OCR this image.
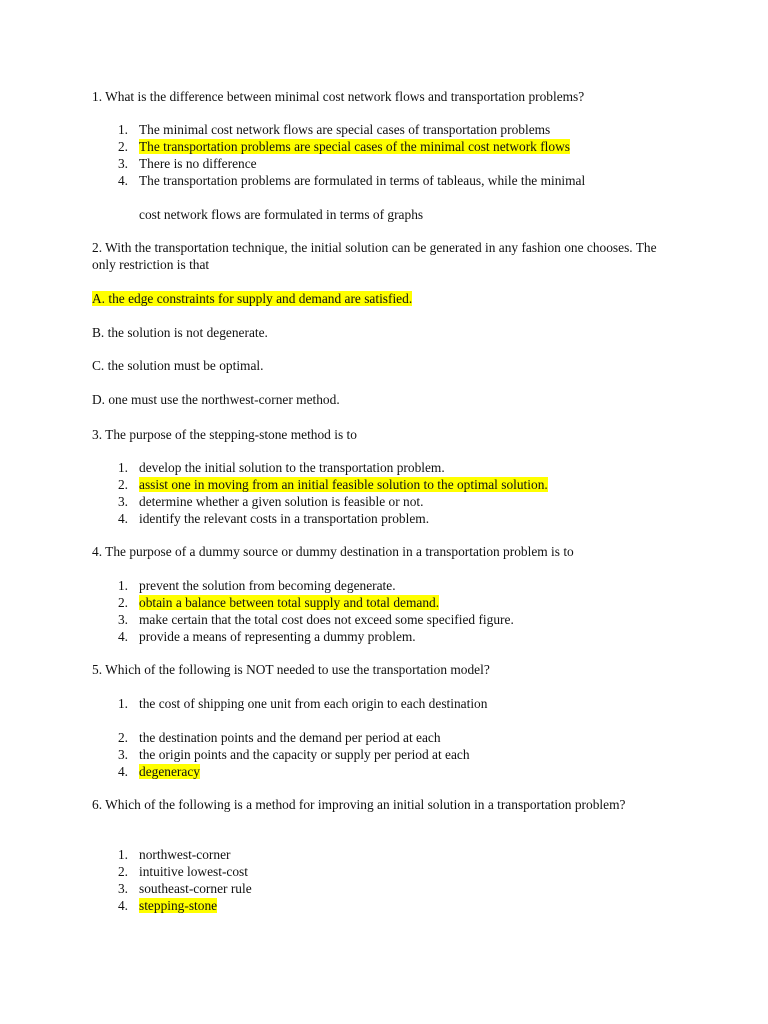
1. What is the difference between minimal cost network flows and transportation problems?
1. The minimal cost network flows are special cases of transportation problems
2. The transportation problems are special cases of the minimal cost network flows
3. There is no difference
4. The transportation problems are formulated in terms of tableaus, while the minimal
cost network flows are formulated in terms of graphs
2. With the transportation technique, the initial solution can be generated in any fashion one chooses. The only restriction is that
A. the edge constraints for supply and demand are satisfied.
B. the solution is not degenerate.
C. the solution must be optimal.
D. one must use the northwest-corner method.
3. The purpose of the stepping-stone method is to
1. develop the initial solution to the transportation problem.
2. assist one in moving from an initial feasible solution to the optimal solution.
3. determine whether a given solution is feasible or not.
4. identify the relevant costs in a transportation problem.
4. The purpose of a dummy source or dummy destination in a transportation problem is to
1. prevent the solution from becoming degenerate.
2. obtain a balance between total supply and total demand.
3. make certain that the total cost does not exceed some specified figure.
4. provide a means of representing a dummy problem.
5. Which of the following is NOT needed to use the transportation model?
1. the cost of shipping one unit from each origin to each destination
2. the destination points and the demand per period at each
3. the origin points and the capacity or supply per period at each
4. degeneracy
6. Which of the following is a method for improving an initial solution in a transportation problem?
1. northwest-corner
2. intuitive lowest-cost
3. southeast-corner rule
4. stepping-stone
